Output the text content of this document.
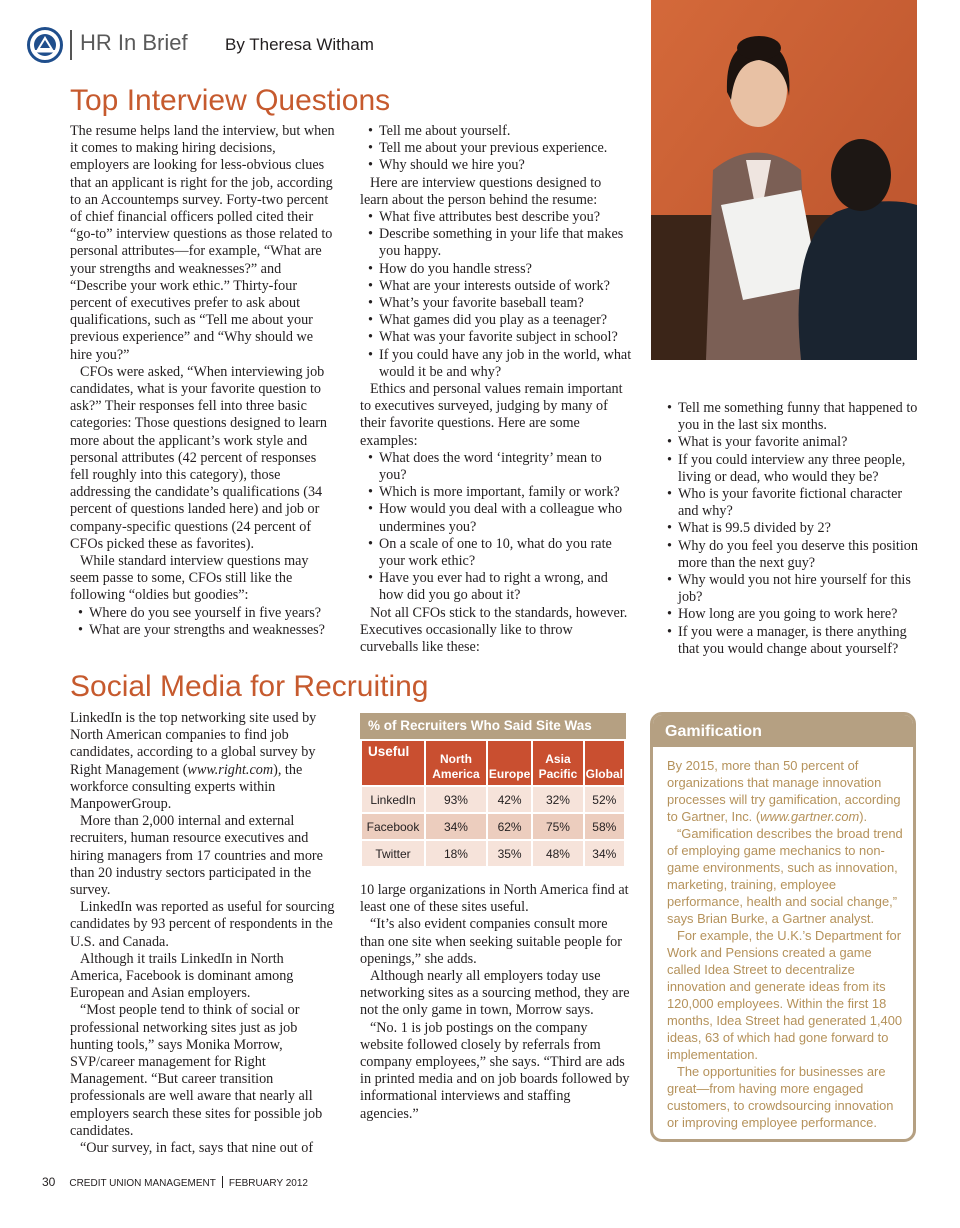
HR In Brief By Theresa Witham
Top Interview Questions

The resume helps land the interview, but when it comes to making hiring decisions, employers are looking for less-obvious clues that an applicant is right for the job, according to an Accountemps survey. Forty-two percent of chief financial officers polled cited their “go-to” interview questions as those related to personal attributes—for example, “What are your strengths and weaknesses?” and “Describe your work ethic.” Thirty-four percent of executives prefer to ask about qualifications, such as “Tell me about your previous experience” and “Why should we hire you?”

CFOs were asked, “When interviewing job candidates, what is your favorite question to ask?” Their responses fell into three basic categories: Those questions designed to learn more about the applicant’s work style and personal attributes (42 percent of responses fell roughly into this category), those addressing the candidate’s qualifications (34 percent of questions landed here) and job or company-specific questions (24 percent of CFOs picked these as favorites).

While standard interview questions may seem passe to some, CFOs still like the following “oldies but goodies”:

• Where do you see yourself in five years?
• What are your strengths and weaknesses?
• Tell me about yourself.
• Tell me about your previous experience.
• Why should we hire you?

Here are interview questions designed to learn about the person behind the resume:

• What five attributes best describe you?
• Describe something in your life that makes you happy.
• How do you handle stress?
• What are your interests outside of work?
• What’s your favorite baseball team?
• What games did you play as a teenager?
• What was your favorite subject in school?
• If you could have any job in the world, what would it be and why?

Ethics and personal values remain important to executives surveyed, judging by many of their favorite questions. Here are some examples:

• What does the word ‘integrity’ mean to you?
• Which is more important, family or work?
• How would you deal with a colleague who undermines you?
• On a scale of one to 10, what do you rate your work ethic?
• Have you ever had to right a wrong, and how did you go about it?

Not all CFOs stick to the standards, however. Executives occasionally like to throw curveballs like these:

• Tell me something funny that happened to you in the last six months.
• What is your favorite animal?
• If you could interview any three people, living or dead, who would they be?
• Who is your favorite fictional character and why?
• What is 99.5 divided by 2?
• Why do you feel you deserve this position more than the next guy?
• Why would you not hire yourself for this job?
• How long are you going to work here?
• If you were a manager, is there anything that you would change about yourself?
Social Media for Recruiting

LinkedIn is the top networking site used by North American companies to find job candidates, according to a global survey by Right Management (www.right.com), the workforce consulting experts within ManpowerGroup.

More than 2,000 internal and external recruiters, human resource executives and hiring managers from 17 countries and more than 20 industry sectors participated in the survey.

LinkedIn was reported as useful for sourcing candidates by 93 percent of respondents in the U.S. and Canada.

Although it trails LinkedIn in North America, Facebook is dominant among European and Asian employers.

“Most people tend to think of social or professional networking sites just as job hunting tools,” says Monika Morrow, SVP/career management for Right Management. “But career transition professionals are well aware that nearly all employers search these sites for possible job candidates.

“Our survey, in fact, says that nine out of

% of Recruiters Who Said Site Was Useful
		North America	Europe	Asia Pacific	Global
LinkedIn	93%	42%	32%	52%
Facebook	34%	62%	75%	58%
Twitter	18%	35%	48%	34%

10 large organizations in North America find at least one of these sites useful.

“It’s also evident companies consult more than one site when seeking suitable people for openings,” she adds.

Although nearly all employers today use networking sites as a sourcing method, they are not the only game in town, Morrow says.

“No. 1 is job postings on the company website followed closely by referrals from company employees,” she says. “Third are ads in printed media and on job boards followed by informational interviews and staffing agencies.”

Gamification

By 2015, more than 50 percent of organizations that manage innovation processes will try gamification, according to Gartner, Inc. (www.gartner.com).

“Gamification describes the broad trend of employing game mechanics to non-game environments, such as innovation, marketing, training, employee performance, health and social change,” says Brian Burke, a Gartner analyst.

For example, the U.K.’s Department for Work and Pensions created a game called Idea Street to decentralize innovation and generate ideas from its 120,000 employees. Within the first 18 months, Idea Street had generated 1,400 ideas, 63 of which had gone forward to implementation.

The opportunities for businesses are great—from having more engaged customers, to crowdsourcing innovation or improving employee performance.

30 CREDIT UNION MANAGEMENT FEBRUARY 2012
